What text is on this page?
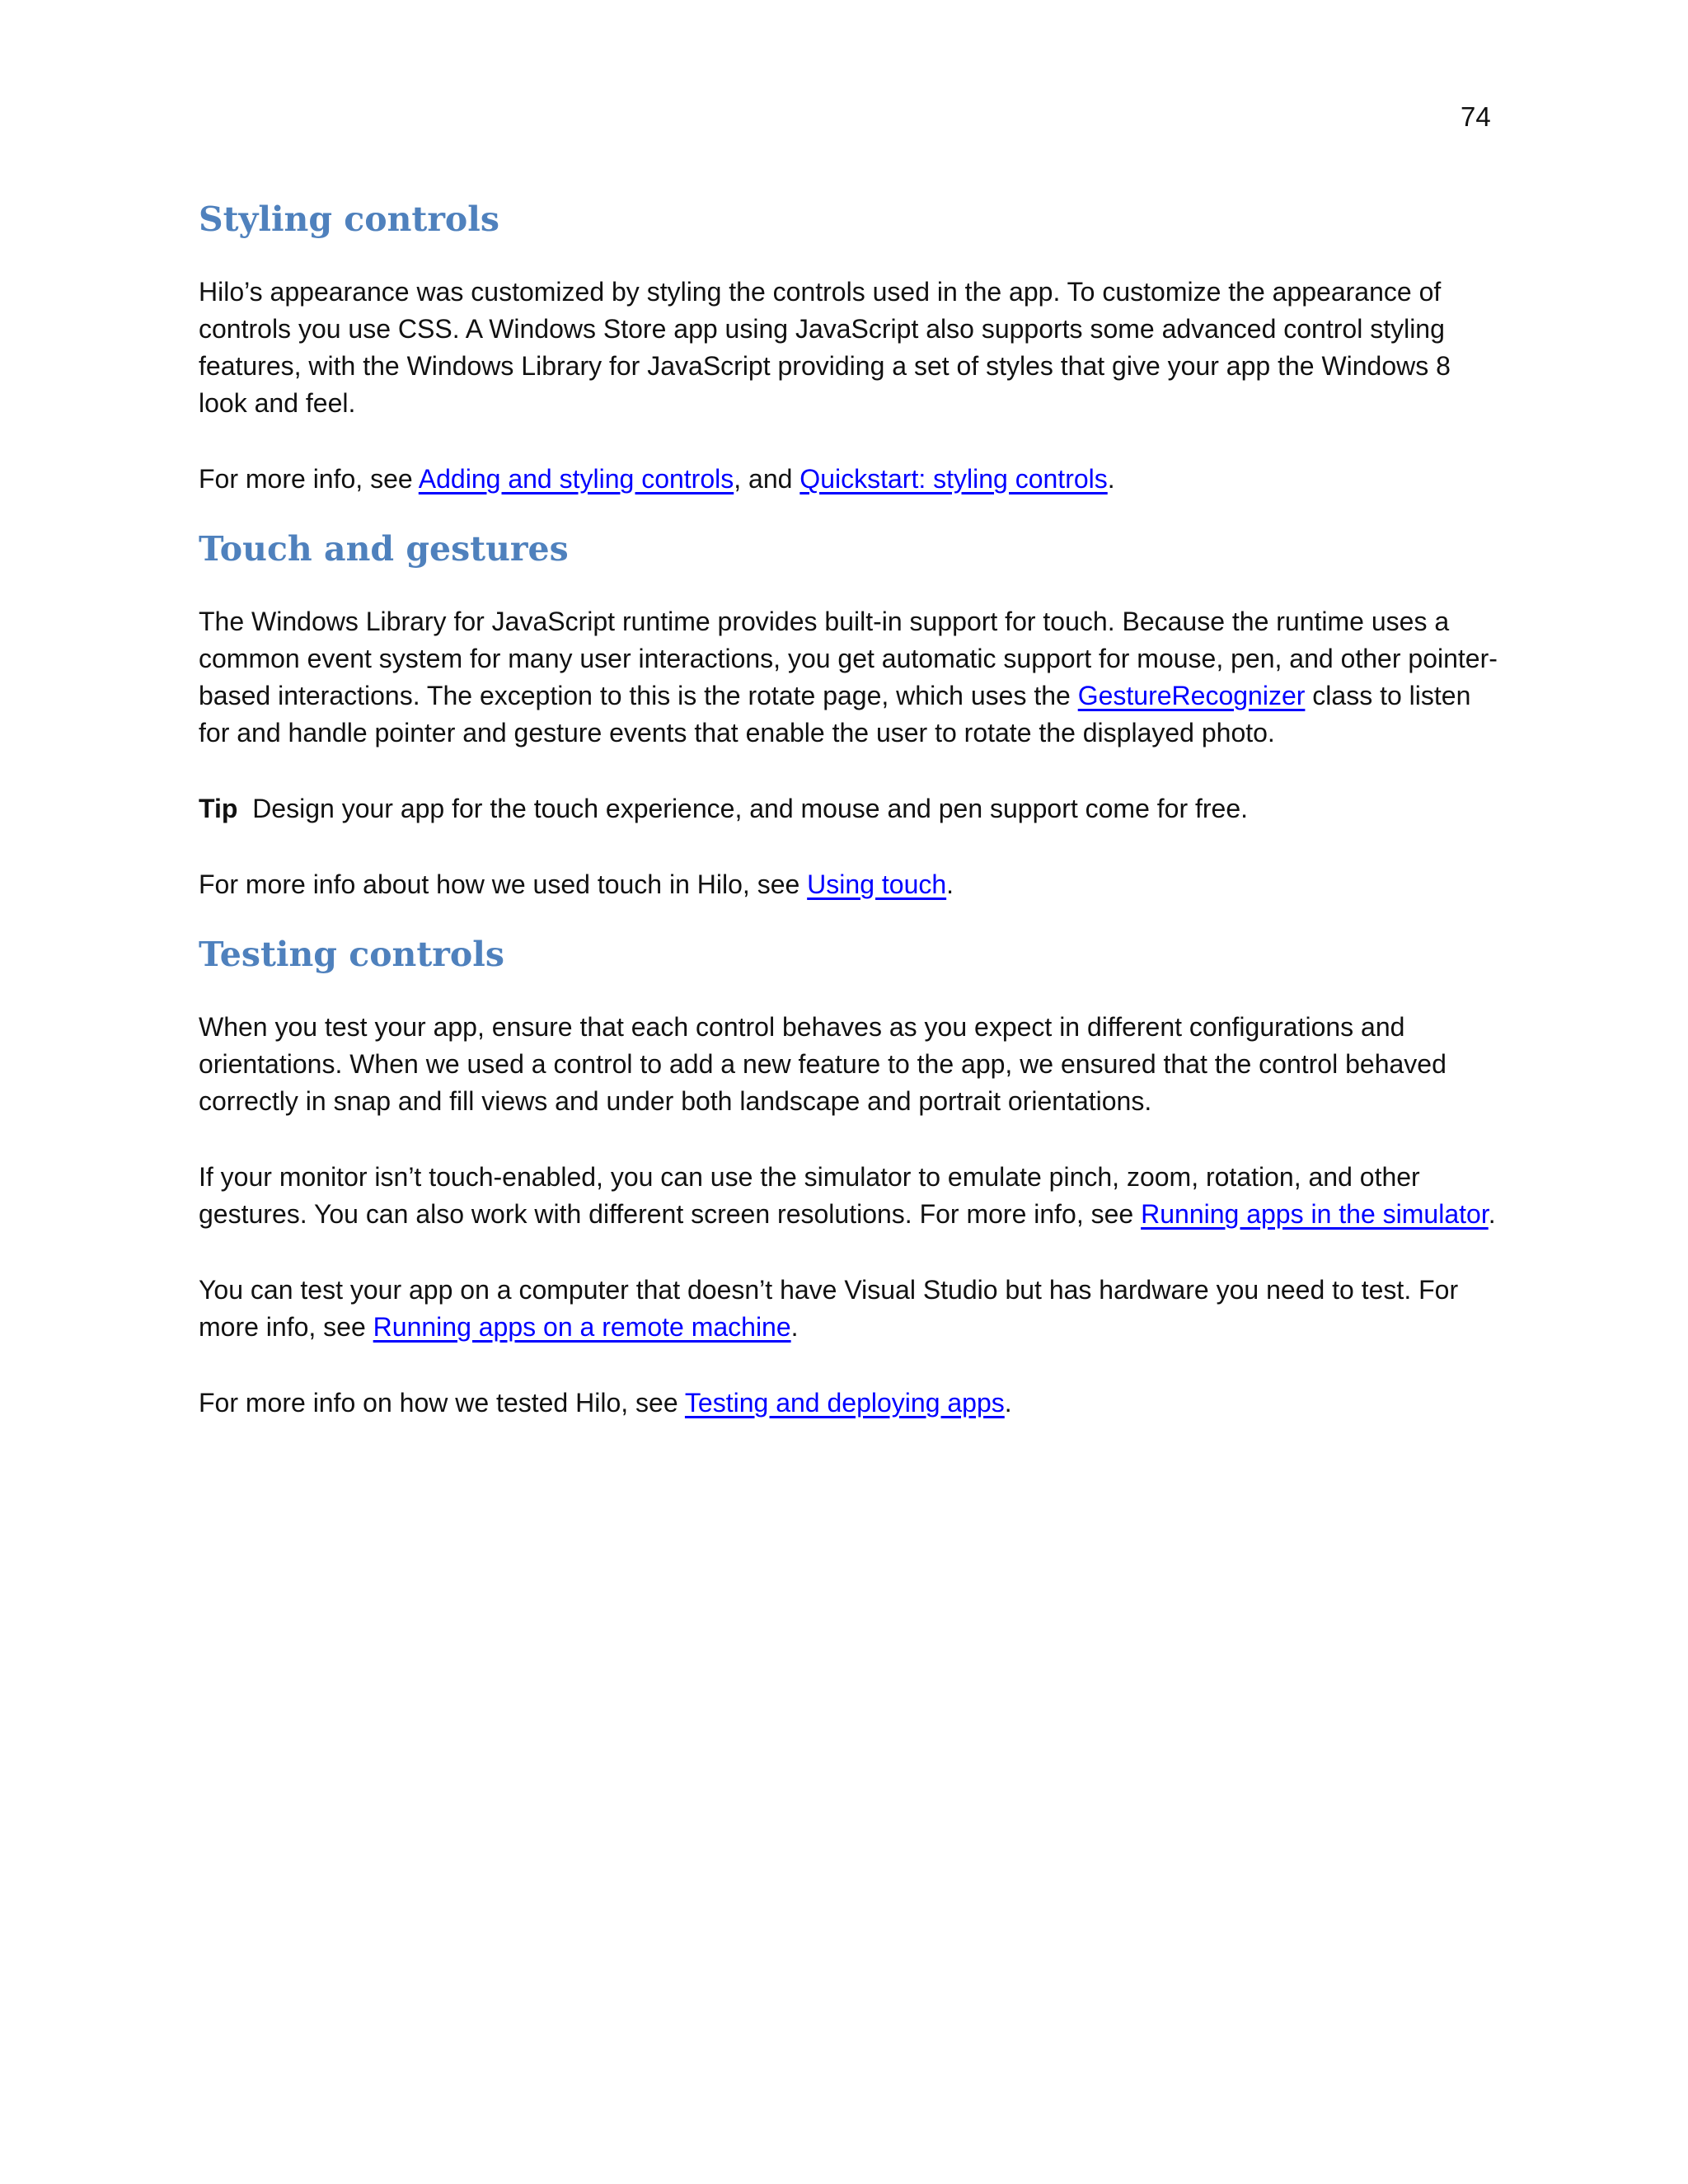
74
Styling controls

Hilo’s appearance was customized by styling the controls used in the app. To customize the appearance of controls you use CSS. A Windows Store app using JavaScript also supports some advanced control styling features, with the Windows Library for JavaScript providing a set of styles that give your app the Windows 8 look and feel.

For more info, see Adding and styling controls, and Quickstart: styling controls.

Touch and gestures

The Windows Library for JavaScript runtime provides built-in support for touch. Because the runtime uses a common event system for many user interactions, you get automatic support for mouse, pen, and other pointer-based interactions. The exception to this is the rotate page, which uses the GestureRecognizer class to listen for and handle pointer and gesture events that enable the user to rotate the displayed photo.

Tip  Design your app for the touch experience, and mouse and pen support come for free.

For more info about how we used touch in Hilo, see Using touch.

Testing controls

When you test your app, ensure that each control behaves as you expect in different configurations and orientations. When we used a control to add a new feature to the app, we ensured that the control behaved correctly in snap and fill views and under both landscape and portrait orientations.

If your monitor isn’t touch-enabled, you can use the simulator to emulate pinch, zoom, rotation, and other gestures. You can also work with different screen resolutions. For more info, see Running apps in the simulator.

You can test your app on a computer that doesn’t have Visual Studio but has hardware you need to test. For more info, see Running apps on a remote machine.

For more info on how we tested Hilo, see Testing and deploying apps.
